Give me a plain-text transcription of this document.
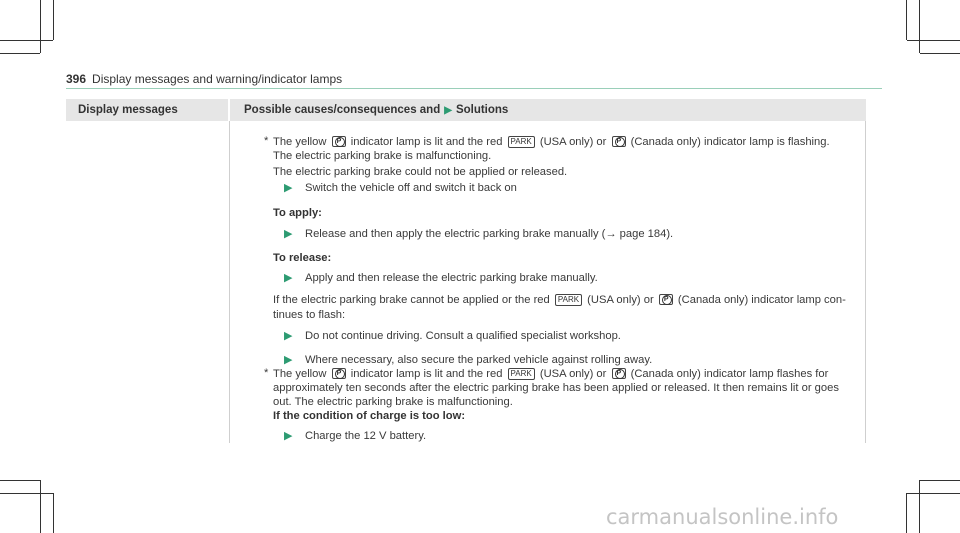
396 Display messages and warning/indicator lamps
Display messages	Possible causes/consequences and ▶ Solutions
* The yellow P indicator lamp is lit and the red PARK (USA only) or P (Canada only) indicator lamp is flashing.
The electric parking brake is malfunctioning.
The electric parking brake could not be applied or released.
▶ Switch the vehicle off and switch it back on
To apply:
▶ Release and then apply the electric parking brake manually (→ page 184).
To release:
▶ Apply and then release the electric parking brake manually.
If the electric parking brake cannot be applied or the red PARK (USA only) or P (Canada only) indicator lamp con-
tinues to flash:
▶ Do not continue driving. Consult a qualified specialist workshop.
▶ Where necessary, also secure the parked vehicle against rolling away.
* The yellow P indicator lamp is lit and the red PARK (USA only) or P (Canada only) indicator lamp flashes for
approximately ten seconds after the electric parking brake has been applied or released. It then remains lit or goes
out. The electric parking brake is malfunctioning.
If the condition of charge is too low:
▶ Charge the 12 V battery.
carmanualsonline.info
